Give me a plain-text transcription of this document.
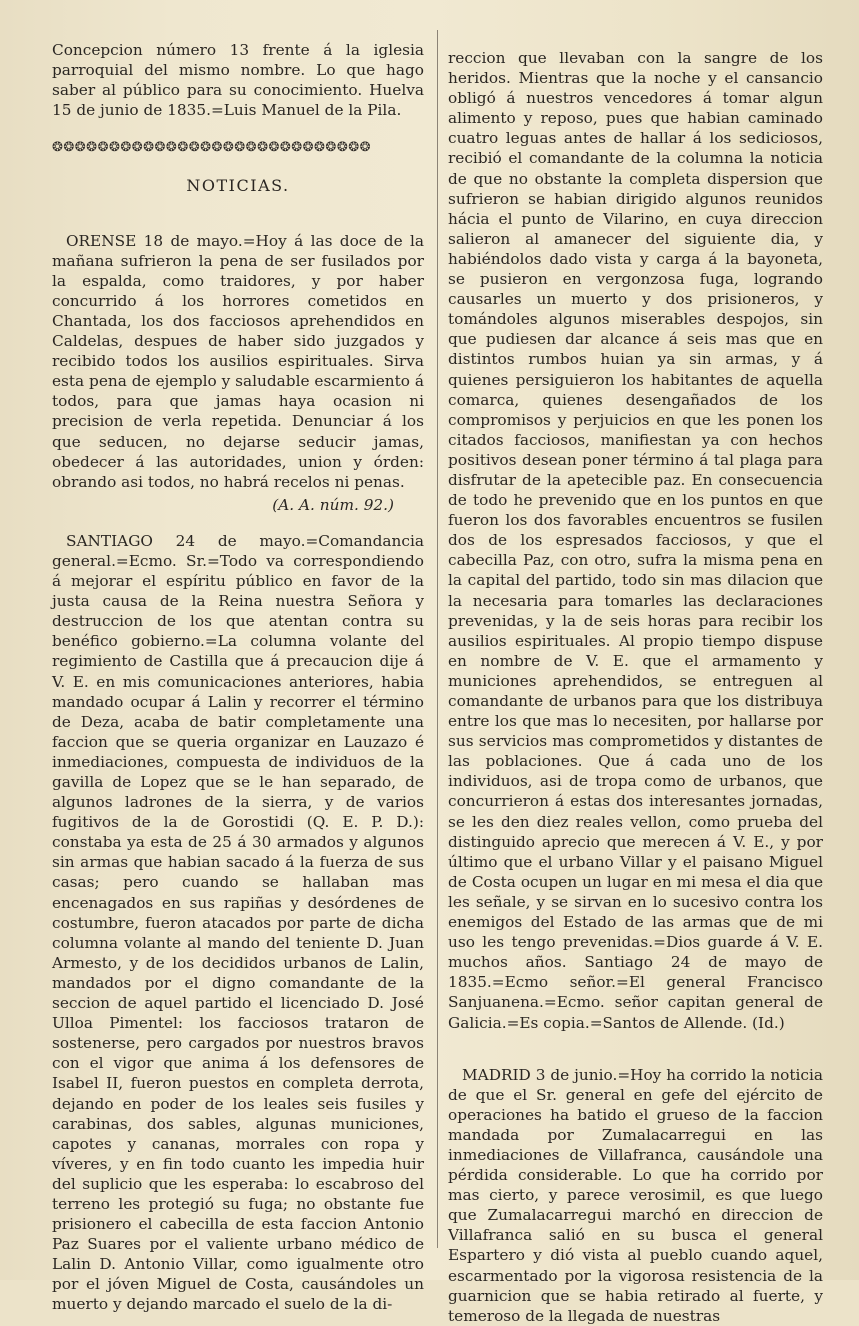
Concepcion número 13 frente á la iglesia parroquial del mismo nombre. Lo que hago saber al público para su conocimiento. Huelva 15 de junio de 1835.=Luis Manuel de la Pila.

❂❂❂❂❂❂❂❂❂❂❂❂❂❂❂❂❂❂❂❂❂❂❂❂❂❂❂❂
NOTICIAS.

ORENSE 18 de mayo.=Hoy á las doce de la mañana sufrieron la pena de ser fusilados por la espalda, como traidores, y por haber concurrido á los horrores cometidos en Chantada, los dos facciosos aprehendidos en Caldelas, despues de haber sido juzgados y recibido todos los ausilios espirituales. Sirva esta pena de ejemplo y saludable escarmiento á todos, para que jamas haya ocasion ni precision de verla repetida. Denunciar á los que seducen, no dejarse seducir jamas, obedecer á las autoridades, union y órden: obrando asi todos, no habrá recelos ni penas.

(A. A. núm. 92.)

SANTIAGO 24 de mayo.=Comandancia general.=Ecmo. Sr.=Todo va correspondiendo á mejorar el espíritu público en favor de la justa causa de la Reina nuestra Señora y destruccion de los que atentan contra su benéfico gobierno.=La columna volante del regimiento de Castilla que á precaucion dije á V. E. en mis comunicaciones anteriores, habia mandado ocupar á Lalin y recorrer el término de Deza, acaba de batir completamente una faccion que se queria organizar en Lauzazo é inmediaciones, compuesta de individuos de la gavilla de Lopez que se le han separado, de algunos ladrones de la sierra, y de varios fugitivos de la de Gorostidi (Q. E. P. D.): constaba ya esta de 25 á 30 armados y algunos sin armas que habian sacado á la fuerza de sus casas; pero cuando se hallaban mas encenagados en sus rapiñas y desórdenes de costumbre, fueron atacados por parte de dicha columna volante al mando del teniente D. Juan Armesto, y de los decididos urbanos de Lalin, mandados por el digno comandante de la seccion de aquel partido el licenciado D. José Ulloa Pimentel: los facciosos trataron de sostenerse, pero cargados por nuestros bravos con el vigor que anima á los defensores de Isabel II, fueron puestos en completa derrota, dejando en poder de los leales seis fusiles y carabinas, dos sables, algunas municiones, capotes y cananas, morrales con ropa y víveres, y en fin todo cuanto les impedia huir del suplicio que les esperaba: lo escabroso del terreno les protegió su fuga; no obstante fue prisionero el cabecilla de esta faccion Antonio Paz Suares por el valiente urbano médico de Lalin D. Antonio Villar, como igualmente otro por el jóven Miguel de Costa, causándoles un muerto y dejando marcado el suelo de la di-

reccion que llevaban con la sangre de los heridos. Mientras que la noche y el cansancio obligó á nuestros vencedores á tomar algun alimento y reposo, pues que habian caminado cuatro leguas antes de hallar á los sediciosos, recibió el comandante de la columna la noticia de que no obstante la completa dispersion que sufrieron se habian dirigido algunos reunidos hácia el punto de Vilarino, en cuya direccion salieron al amanecer del siguiente dia, y habiéndolos dado vista y carga á la bayoneta, se pusieron en vergonzosa fuga, logrando causarles un muerto y dos prisioneros, y tomándoles algunos miserables despojos, sin que pudiesen dar alcance á seis mas que en distintos rumbos huian ya sin armas, y á quienes persiguieron los habitantes de aquella comarca, quienes desengañados de los compromisos y perjuicios en que les ponen los citados facciosos, manifiestan ya con hechos positivos desean poner término á tal plaga para disfrutar de la apetecible paz. En consecuencia de todo he prevenido que en los puntos en que fueron los dos favorables encuentros se fusilen dos de los espresados facciosos, y que el cabecilla Paz, con otro, sufra la misma pena en la capital del partido, todo sin mas dilacion que la necesaria para tomarles las declaraciones prevenidas, y la de seis horas para recibir los ausilios espirituales. Al propio tiempo dispuse en nombre de V. E. que el armamento y municiones aprehendidos, se entreguen al comandante de urbanos para que los distribuya entre los que mas lo necesiten, por hallarse por sus servicios mas comprometidos y distantes de las poblaciones. Que á cada uno de los individuos, asi de tropa como de urbanos, que concurrieron á estas dos interesantes jornadas, se les den diez reales vellon, como prueba del distinguido aprecio que merecen á V. E., y por último que el urbano Villar y el paisano Miguel de Costa ocupen un lugar en mi mesa el dia que les señale, y se sirvan en lo sucesivo contra los enemigos del Estado de las armas que de mi uso les tengo prevenidas.=Dios guarde á V. E. muchos años. Santiago 24 de mayo de 1835.=Ecmo señor.=El general Francisco Sanjuanena.=Ecmo. señor capitan general de Galicia.=Es copia.=Santos de Allende. (Id.)

MADRID 3 de junio.=Hoy ha corrido la noticia de que el Sr. general en gefe del ejército de operaciones ha batido el grueso de la faccion mandada por Zumalacarregui en las inmediaciones de Villafranca, causándole una pérdida considerable. Lo que ha corrido por mas cierto, y parece verosimil, es que luego que Zumalacarregui marchó en direccion de Villafranca salió en su busca el general Espartero y dió vista al pueblo cuando aquel, escarmentado por la vigorosa resistencia de la guarnicion que se habia retirado al fuerte, y temeroso de la llegada de nuestras
